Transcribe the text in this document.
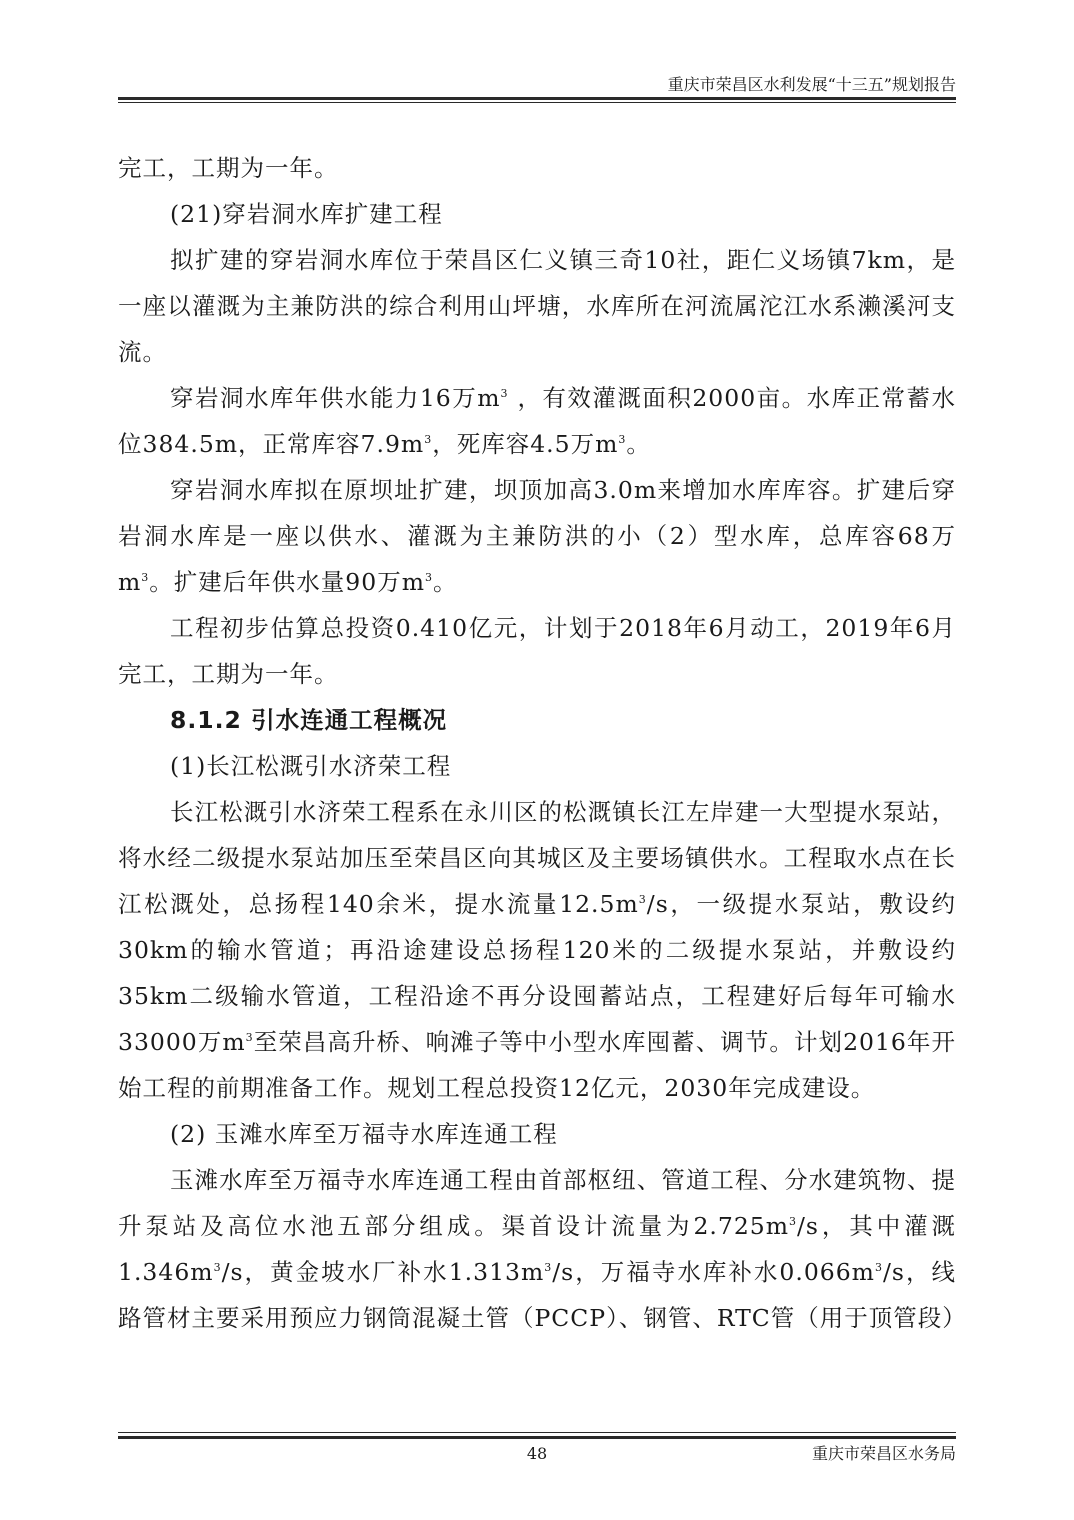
重庆市荣昌区水利发展“十三五”规划报告

完工，工期为一年。

(21)穿岩洞水库扩建工程

拟扩建的穿岩洞水库位于荣昌区仁义镇三奇10社，距仁义场镇7km，是一座以灌溉为主兼防洪的综合利用山坪塘，水库所在河流属沱江水系濑溪河支流。

穿岩洞水库年供水能力16万$m^3$ ，有效灌溉面积2000亩。水库正常蓄水位384.5m，正常库容$7.9m^3$，死库容4.5万$m^3$。

穿岩洞水库拟在原坝址扩建，坝顶加高3.0m来增加水库库容。扩建后穿岩洞水库是一座以供水、灌溉为主兼防洪的小（2）型水库，总库容68万$m^3$。扩建后年供水量90万$m^3$。

工程初步估算总投资0.410亿元，计划于2018年6月动工，2019年6月完工，工期为一年。

8.1.2 引水连通工程概况

(1)长江松溉引水济荣工程

长江松溉引水济荣工程系在永川区的松溉镇长江左岸建一大型提水泵站，将水经二级提水泵站加压至荣昌区向其城区及主要场镇供水。工程取水点在长江松溉处，总扬程140余米，提水流量$12.5m^3/s$，一级提水泵站，敷设约30km的输水管道；再沿途建设总扬程120米的二级提水泵站，并敷设约35km二级输水管道，工程沿途不再分设囤蓄站点，工程建好后每年可输水33000万$m^3$至荣昌高升桥、响滩子等中小型水库囤蓄、调节。计划2016年开始工程的前期准备工作。规划工程总投资12亿元，2030年完成建设。

(2) 玉滩水库至万福寺水库连通工程

玉滩水库至万福寺水库连通工程由首部枢纽、管道工程、分水建筑物、提升泵站及高位水池五部分组成。渠首设计流量为$2.725m^3/s$，其中灌溉$1.346m^3/s$，黄金坡水厂补水$1.313m^3/s$，万福寺水库补水$0.066m^3/s$，线路管材主要采用预应力钢筒混凝土管（PCCP）、钢管、RTC管（用于顶管段）

48	重庆市荣昌区水务局
